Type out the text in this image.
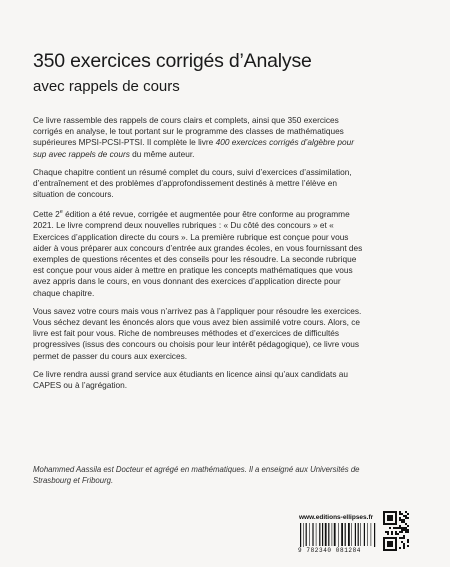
350 exercices corrigés d’Analyse
avec rappels de cours

Ce livre rassemble des rappels de cours clairs et complets, ainsi que 350 exercices corrigés en analyse, le tout portant sur le programme des classes de mathématiques supérieures MPSI-PCSI-PTSI. Il complète le livre 400 exercices corrigés d’algèbre pour sup avec rappels de cours du même auteur.

Chaque chapitre contient un résumé complet du cours, suivi d’exercices d’assimilation, d’entraînement et des problèmes d’approfondissement destinés à mettre l’élève en situation de concours.

Cette 2e édition a été revue, corrigée et augmentée pour être conforme au programme 2021. Le livre comprend deux nouvelles rubriques : « Du côté des concours » et « Exercices d’application directe du cours ». La première rubrique est conçue pour vous aider à vous préparer aux concours d’entrée aux grandes écoles, en vous fournissant des exemples de questions récentes et des conseils pour les résoudre. La seconde rubrique est conçue pour vous aider à mettre en pratique les concepts mathématiques que vous avez appris dans le cours, en vous donnant des exercices d’application directe pour chaque chapitre.

Vous savez votre cours mais vous n’arrivez pas à l’appliquer pour résoudre les exercices. Vous séchez devant les énoncés alors que vous avez bien assimilé votre cours. Alors, ce livre est fait pour vous. Riche de nombreuses méthodes et d’exercices de difficultés progressives (issus des concours ou choisis pour leur intérêt pédagogique), ce livre vous permet de passer du cours aux exercices.

Ce livre rendra aussi grand service aux étudiants en licence ainsi qu’aux candidats au CAPES ou à l’agrégation.

Mohammed Aassila est Docteur et agrégé en mathématiques. Il a enseigné aux Universités de Strasbourg et Fribourg.
www.editions-ellipses.fr
9 782340 081284
